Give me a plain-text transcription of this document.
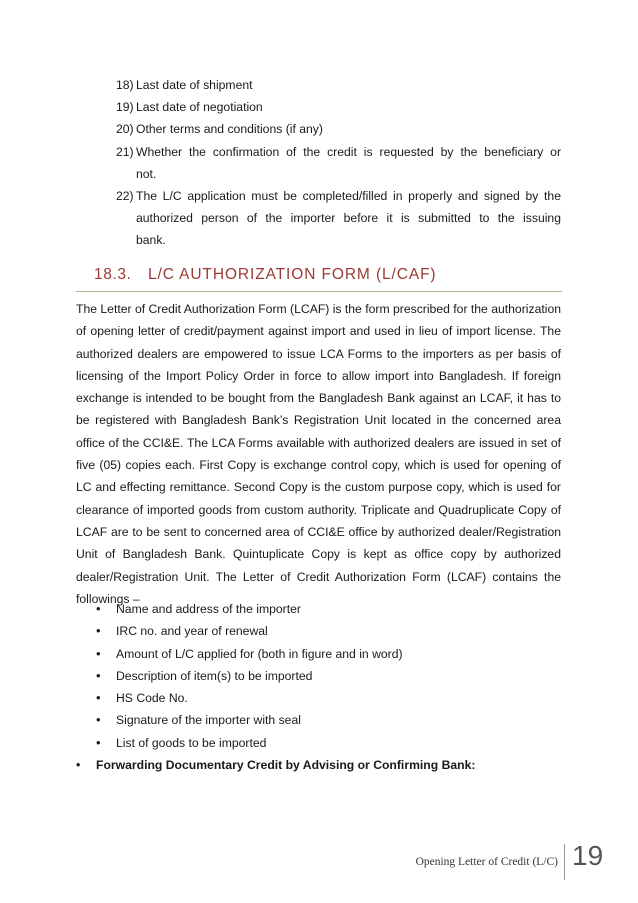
18) Last date of shipment
19) Last date of negotiation
20) Other terms and conditions (if any)
21) Whether the confirmation of the credit is requested by the beneficiary or
not.
22) The L/C application must be completed/filled in properly and signed by the
authorized person of the importer before it is submitted to the issuing
bank.
18.3. L/C AUTHORIZATION FORM (L/CAF)

The Letter of Credit Authorization Form (LCAF) is the form prescribed for the authorization of opening letter of credit/payment against import and used in lieu of import license. The authorized dealers are empowered to issue LCA Forms to the importers as per basis of licensing of the Import Policy Order in force to allow import into Bangladesh. If foreign exchange is intended to be bought from the Bangladesh Bank against an LCAF, it has to be registered with Bangladesh Bank’s Registration Unit located in the concerned area office of the CCI&E. The LCA Forms available with authorized dealers are issued in set of five (05) copies each. First Copy is exchange control copy, which is used for opening of LC and effecting remittance. Second Copy is the custom purpose copy, which is used for clearance of imported goods from custom authority. Triplicate and Quadruplicate Copy of LCAF are to be sent to concerned area of CCI&E office by authorized dealer/Registration Unit of Bangladesh Bank. Quintuplicate Copy is kept as office copy by authorized dealer/Registration Unit. The Letter of Credit Authorization Form (LCAF) contains the followings –

• Name and address of the importer
• IRC no. and year of renewal
• Amount of L/C applied for (both in figure and in word)
• Description of item(s) to be imported
• HS Code No.
• Signature of the importer with seal
• List of goods to be imported
• Forwarding Documentary Credit by Advising or Confirming Bank:
Opening Letter of Credit (L/C) 19
